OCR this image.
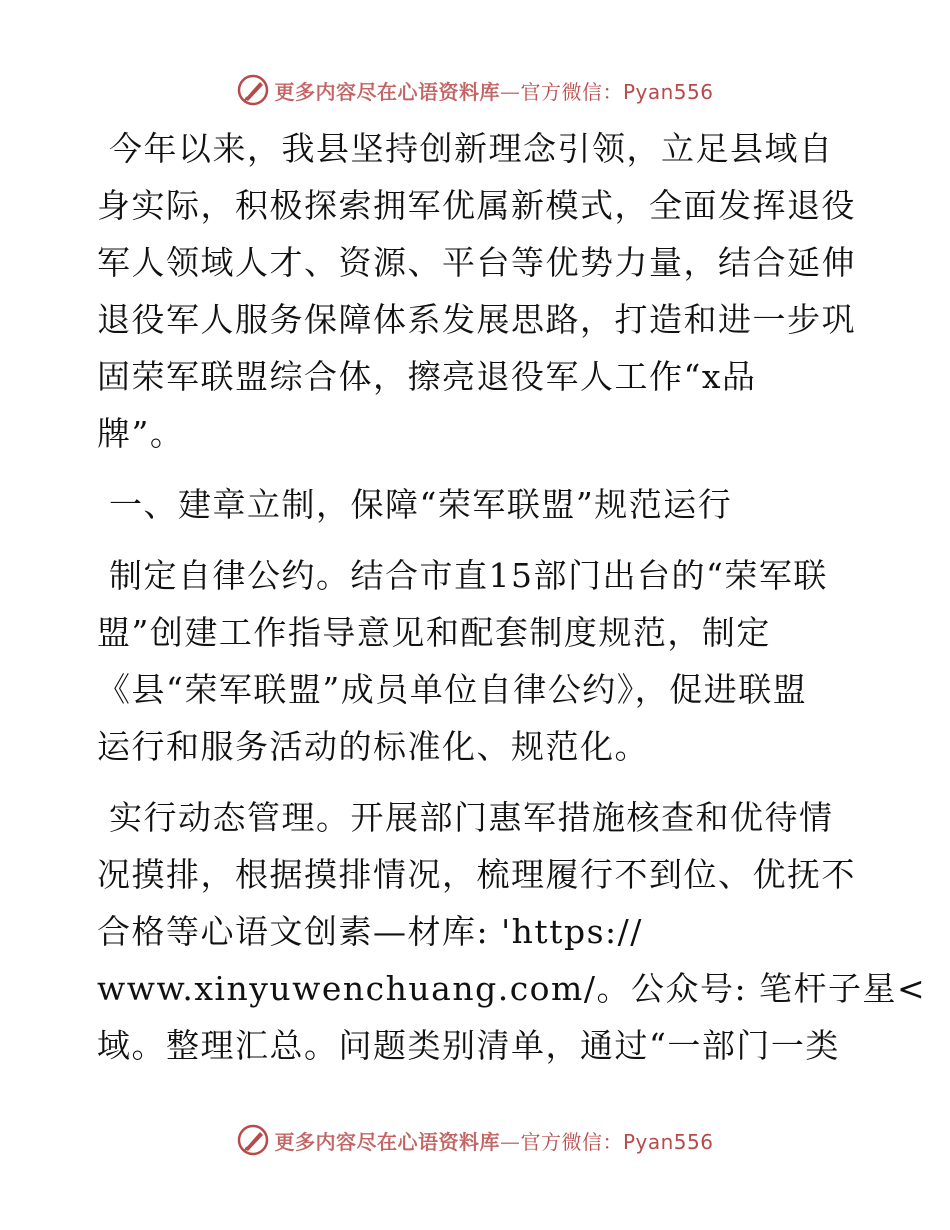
更多内容尽在心语资料库—官方微信：Pyan556
今年以来，我县坚持创新理念引领，立足县域自
身实际，积极探索拥军优属新模式，全面发挥退役
军人领域人才、资源、平台等优势力量，结合延伸
退役军人服务保障体系发展思路，打造和进一步巩
固荣军联盟综合体，擦亮退役军人工作“x品
牌”。
一、建章立制，保障“荣军联盟”规范运行
制定自律公约。结合市直15部门出台的“荣军联
盟”创建工作指导意见和配套制度规范，制定
《县“荣军联盟”成员单位自律公约》，促进联盟
运行和服务活动的标准化、规范化。
实行动态管理。开展部门惠军措施核查和优待情
况摸排，根据摸排情况，梳理履行不到位、优抚不
合格等心语文创素—材库: 'https://
www.xinyuwenchuang.com/。公众号: 笔杆子星<
域。整理汇总。问题类别清单，通过“一部门一类
更多内容尽在心语资料库—官方微信：Pyan556
